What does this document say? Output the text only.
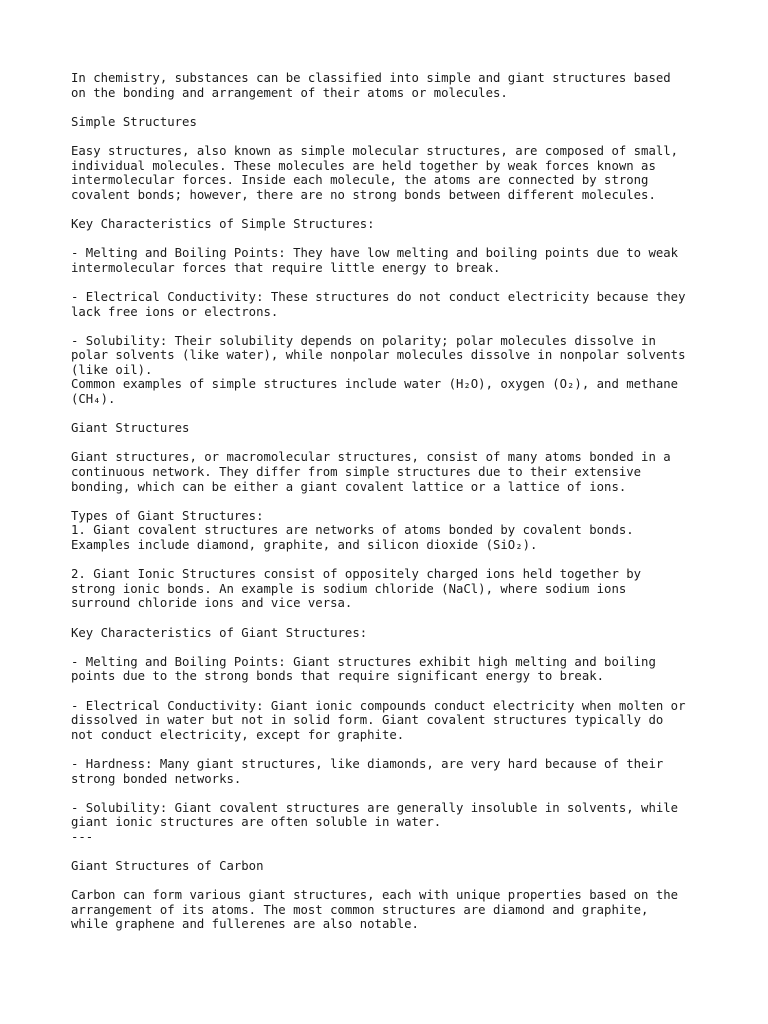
In chemistry, substances can be classified into simple and giant structures based
on the bonding and arrangement of their atoms or molecules.

Simple Structures

Easy structures, also known as simple molecular structures, are composed of small,
individual molecules. These molecules are held together by weak forces known as
intermolecular forces. Inside each molecule, the atoms are connected by strong
covalent bonds; however, there are no strong bonds between different molecules.

Key Characteristics of Simple Structures:

- Melting and Boiling Points: They have low melting and boiling points due to weak
intermolecular forces that require little energy to break.

- Electrical Conductivity: These structures do not conduct electricity because they
lack free ions or electrons.

- Solubility: Their solubility depends on polarity; polar molecules dissolve in
polar solvents (like water), while nonpolar molecules dissolve in nonpolar solvents
(like oil).
Common examples of simple structures include water (H₂O), oxygen (O₂), and methane
(CH₄).

Giant Structures

Giant structures, or macromolecular structures, consist of many atoms bonded in a
continuous network. They differ from simple structures due to their extensive
bonding, which can be either a giant covalent lattice or a lattice of ions.

Types of Giant Structures:
1. Giant covalent structures are networks of atoms bonded by covalent bonds.
Examples include diamond, graphite, and silicon dioxide (SiO₂).

2. Giant Ionic Structures consist of oppositely charged ions held together by
strong ionic bonds. An example is sodium chloride (NaCl), where sodium ions
surround chloride ions and vice versa.

Key Characteristics of Giant Structures:

- Melting and Boiling Points: Giant structures exhibit high melting and boiling
points due to the strong bonds that require significant energy to break.

- Electrical Conductivity: Giant ionic compounds conduct electricity when molten or
dissolved in water but not in solid form. Giant covalent structures typically do
not conduct electricity, except for graphite.

- Hardness: Many giant structures, like diamonds, are very hard because of their
strong bonded networks.

- Solubility: Giant covalent structures are generally insoluble in solvents, while
giant ionic structures are often soluble in water.
---

Giant Structures of Carbon

Carbon can form various giant structures, each with unique properties based on the
arrangement of its atoms. The most common structures are diamond and graphite,
while graphene and fullerenes are also notable.
